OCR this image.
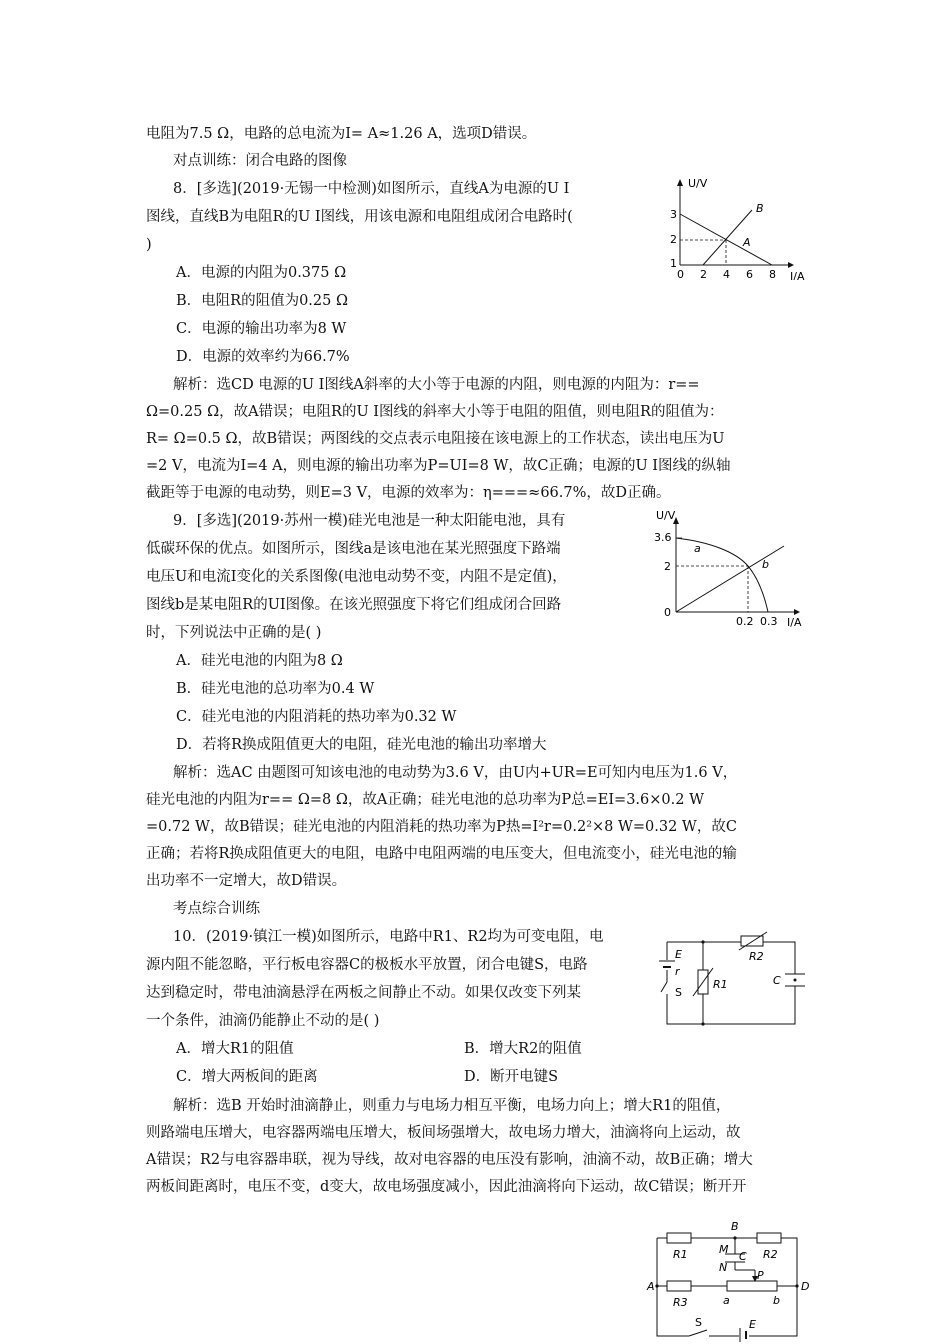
电阻为7.5 Ω，电路的总电流为I= A≈1.26 A，选项D错误。
对点训练：闭合电路的图像
8．[多选](2019·无锡一中检测)如图所示，直线A为电源的U I
图线，直线B为电阻R的U I图线，用该电源和电阻组成闭合电路时(
)
A．电源的内阻为0.375 Ω
B．电阻R的阻值为0.25 Ω
C．电源的输出功率为8 W
D．电源的效率约为66.7%
解析：选CD 电源的U I图线A斜率的大小等于电源的内阻，则电源的内阻为：r==
Ω=0.25 Ω，故A错误；电阻R的U I图线的斜率大小等于电阻的阻值，则电阻R的阻值为：
R= Ω=0.5 Ω，故B错误；两图线的交点表示电阻接在该电源上的工作状态，读出电压为U
=2 V，电流为I=4 A，则电源的输出功率为P=UI=8 W，故C正确；电源的U I图线的纵轴
截距等于电源的电动势，则E=3 V，电源的效率为：η===≈66.7%，故D正确。
U/V
I/A
3
2
1
0 2 4 6 8
B
A
9．[多选](2019·苏州一模)硅光电池是一种太阳能电池，具有
低碳环保的优点。如图所示，图线a是该电池在某光照强度下路端
电压U和电流I变化的关系图像(电池电动势不变，内阻不是定值)，
图线b是某电阻R的UI图像。在该光照强度下将它们组成闭合回路
时，下列说法中正确的是( )
A．硅光电池的内阻为8 Ω
B．硅光电池的总功率为0.4 W
C．硅光电池的内阻消耗的热功率为0.32 W
D．若将R换成阻值更大的电阻，硅光电池的输出功率增大
解析：选AC 由题图可知该电池的电动势为3.6 V，由U内+UR=E可知内电压为1.6 V，
硅光电池的内阻为r== Ω=8 Ω，故A正确；硅光电池的总功率为P总=EI=3.6×0.2 W
=0.72 W，故B错误；硅光电池的内阻消耗的热功率为P热=I²r=0.2²×8 W=0.32 W，故C
正确；若将R换成阻值更大的电阻，电路中电阻两端的电压变大，但电流变小，硅光电池的输
出功率不一定增大，故D错误。
U/V
I/A
3.6
2
0
0.2 0.3
a
b
考点综合训练
10．(2019·镇江一模)如图所示，电路中R1、R2均为可变电阻，电
源内阻不能忽略，平行板电容器C的极板水平放置，闭合电键S，电路
达到稳定时，带电油滴悬浮在两板之间静止不动。如果仅改变下列某
一个条件，油滴仍能静止不动的是( )
A．增大R1的阻值	B．增大R2的阻值
C．增大两板间的距离	D．断开电键S
解析：选B 开始时油滴静止，则重力与电场力相互平衡，电场力向上；增大R1的阻值，
则路端电压增大，电容器两端电压增大，板间场强增大，故电场力增大，油滴将向上运动，故
A错误；R2与电容器串联，视为导线，故对电容器的电压没有影响，油滴不动，故B正确；增大
两板间距离时，电压不变，d变大，故电场强度减小，因此油滴将向下运动，故C错误；断开开
E
r
S
R1
R2
C
B
M
C
N
P
A	D
R1	R2
R3	a	b
S	E
